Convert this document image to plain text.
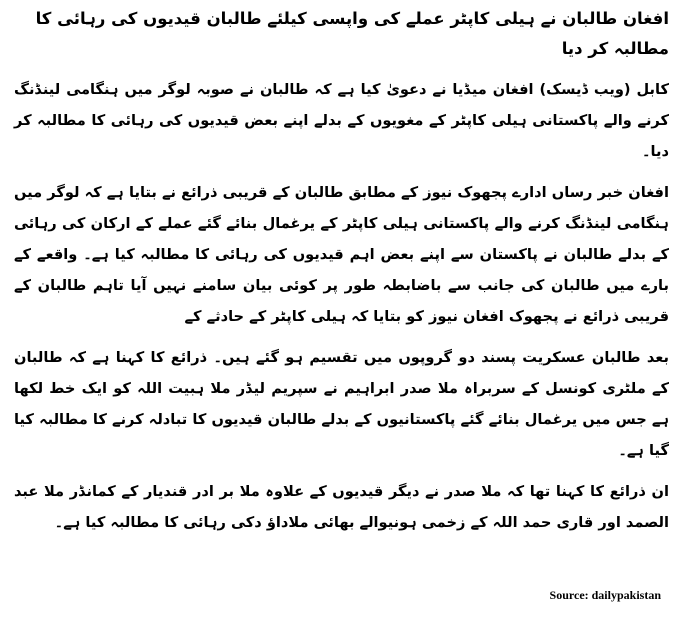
افغان طالبان نے ہیلی کاپٹر عملے کی واپسی کیلئے طالبان قیدیوں کی رہائی کا مطالبہ کر دیا

کابل (ویب ڈیسک) افغان میڈیا نے دعویٰ کیا ہے کہ طالبان نے صوبہ لوگر میں ہنگامی لینڈنگ کرنے والے پاکستانی ہیلی کاپٹر کے مغویوں کے بدلے اپنے بعض قیدیوں کی رہائی کا مطالبہ کر دیا۔

افغان خبر رساں ادارے پجھوک نیوز کے مطابق طالبان کے قریبی ذرائع نے بتایا ہے کہ لوگر میں ہنگامی لینڈنگ کرنے والے پاکستانی ہیلی کاپٹر کے یرغمال بنائے گئے عملے کے ارکان کی رہائی کے بدلے طالبان نے پاکستان سے اپنے بعض اہم قیدیوں کی رہائی کا مطالبہ کیا ہے۔ واقعے کے بارے میں طالبان کی جانب سے باضابطہ طور پر کوئی بیان سامنے نہیں آیا تاہم طالبان کے قریبی ذرائع نے پجھوک افغان نیوز کو بتایا کہ ہیلی کاپٹر کے حادثے کے

بعد طالبان عسکریت پسند دو گروپوں میں تقسیم ہو گئے ہیں۔ ذرائع کا کہنا ہے کہ طالبان کے ملٹری کونسل کے سربراہ ملا صدر ابراہیم نے سپریم لیڈر ملا ہبیت اللہ کو ایک خط لکھا ہے جس میں یرغمال بنائے گئے پاکستانیوں کے بدلے طالبان قیدیوں کا تبادلہ کرنے کا مطالبہ کیا گیا ہے۔

ان ذرائع کا کہنا تھا کہ ملا صدر نے دیگر قیدیوں کے علاوہ ملا بر ادر قندیار کے کمانڈر ملا عبد الصمد اور قاری حمد اللہ کے زخمی ہونیوالے بھائی ملاداؤ دکی رہائی کا مطالبہ کیا ہے۔

Source: dailypakistan
